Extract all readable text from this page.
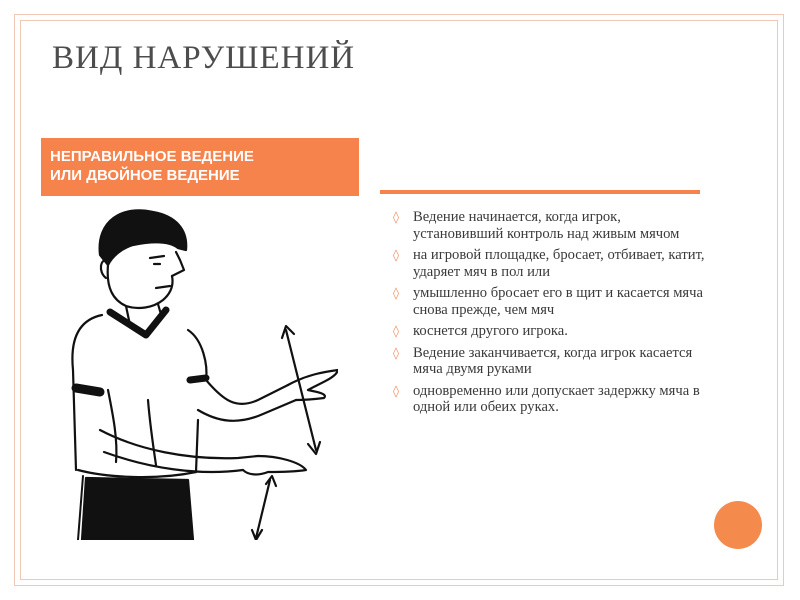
ВИД НАРУШЕНИЙ
НЕПРАВИЛЬНОЕ ВЕДЕНИЕ
ИЛИ ДВОЙНОЕ ВЕДЕНИЕ
◊ Ведение начинается, когда игрок, установивший контроль над живым мячом
◊ на игровой площадке, бросает, отбивает, катит, ударяет мяч в пол или
◊ умышленно бросает его в щит и касается мяча снова прежде, чем мяч
◊ коснется другого игрока.
◊ Ведение заканчивается, когда игрок касается мяча двумя руками
◊ одновременно или допускает задержку мяча в одной или обеих руках.
